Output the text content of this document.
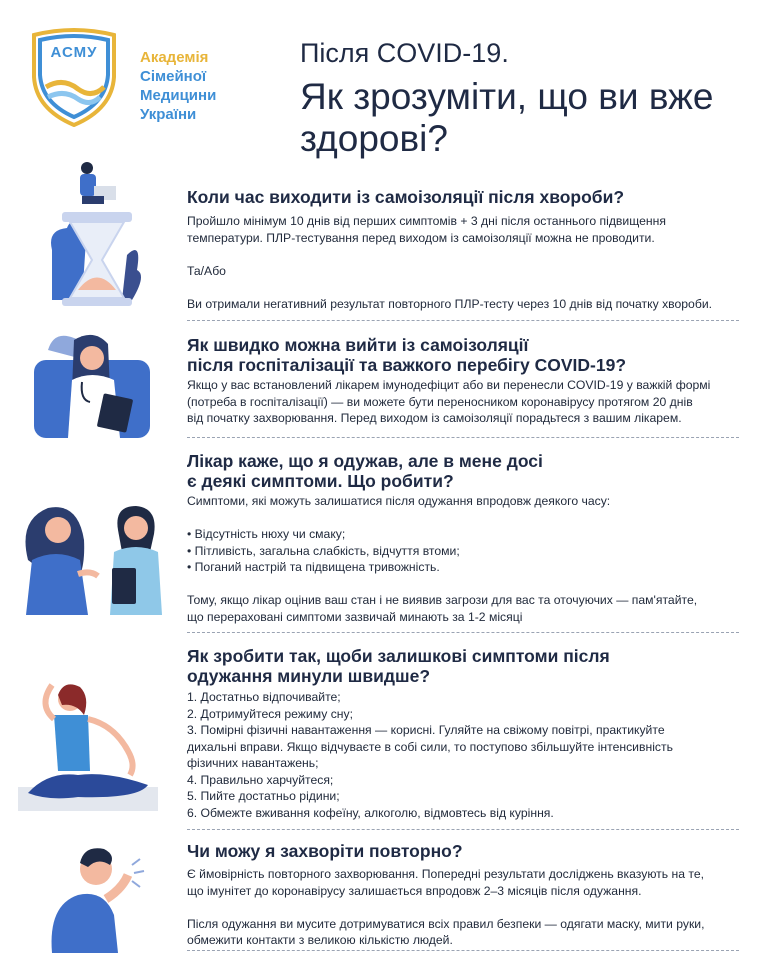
АСМУ	Академія
Сімейної
Медицини
України
Після COVID-19.
Як зрозуміти, що ви вже здорові?
Коли час виходити із самоізоляції після хвороби?
Пройшло мінімум 10 днів від перших симптомів + 3 дні після останнього підвищення
температури. ПЛР-тестування перед виходом із самоізоляції можна не проводити.
Та/Або
Ви отримали негативний результат повторного ПЛР-тесту через 10 днів від початку хвороби.
Як швидко можна вийти із самоізоляції
після госпіталізації та важкого перебігу COVID-19?
Якщо у вас встановлений лікарем імунодефіцит або ви перенесли COVID-19 у важкій формі
(потреба в госпіталізації) — ви можете бути переносником коронавірусу протягом 20 днів
від початку захворювання. Перед виходом із самоізоляції порадьтеся з вашим лікарем.
Лікар каже, що я одужав, але в мене досі
є деякі симптоми. Що робити?
Симптоми, які можуть залишатися після одужання впродовж деякого часу:
• Відсутність нюху чи смаку;
• Пітливість, загальна слабкість, відчуття втоми;
• Поганий настрій та підвищена тривожність.
Тому, якщо лікар оцінив ваш стан і не виявив загрози для вас та оточуючих — пам'ятайте,
що перераховані симптоми зазвичай минають за 1-2 місяці
Як зробити так, щоби залишкові симптоми після
одужання минули швидше?
1. Достатньо відпочивайте;
2. Дотримуйтеся режиму сну;
3. Помірні фізичні навантаження — корисні. Гуляйте на свіжому повітрі, практикуйте
дихальні вправи. Якщо відчуваєте в собі сили, то поступово збільшуйте інтенсивність
фізичних навантажень;
4. Правильно харчуйтеся;
5. Пийте достатньо рідини;
6. Обмежте вживання кофеїну, алкоголю, відмовтесь від куріння.
Чи можу я захворіти повторно?
Є ймовірність повторного захворювання. Попередні результати досліджень вказують на те,
що імунітет до коронавірусу залишається впродовж 2–3 місяців після одужання.
Після одужання ви мусите дотримуватися всіх правил безпеки — одягати маску, мити руки,
обмежити контакти з великою кількістю людей.
